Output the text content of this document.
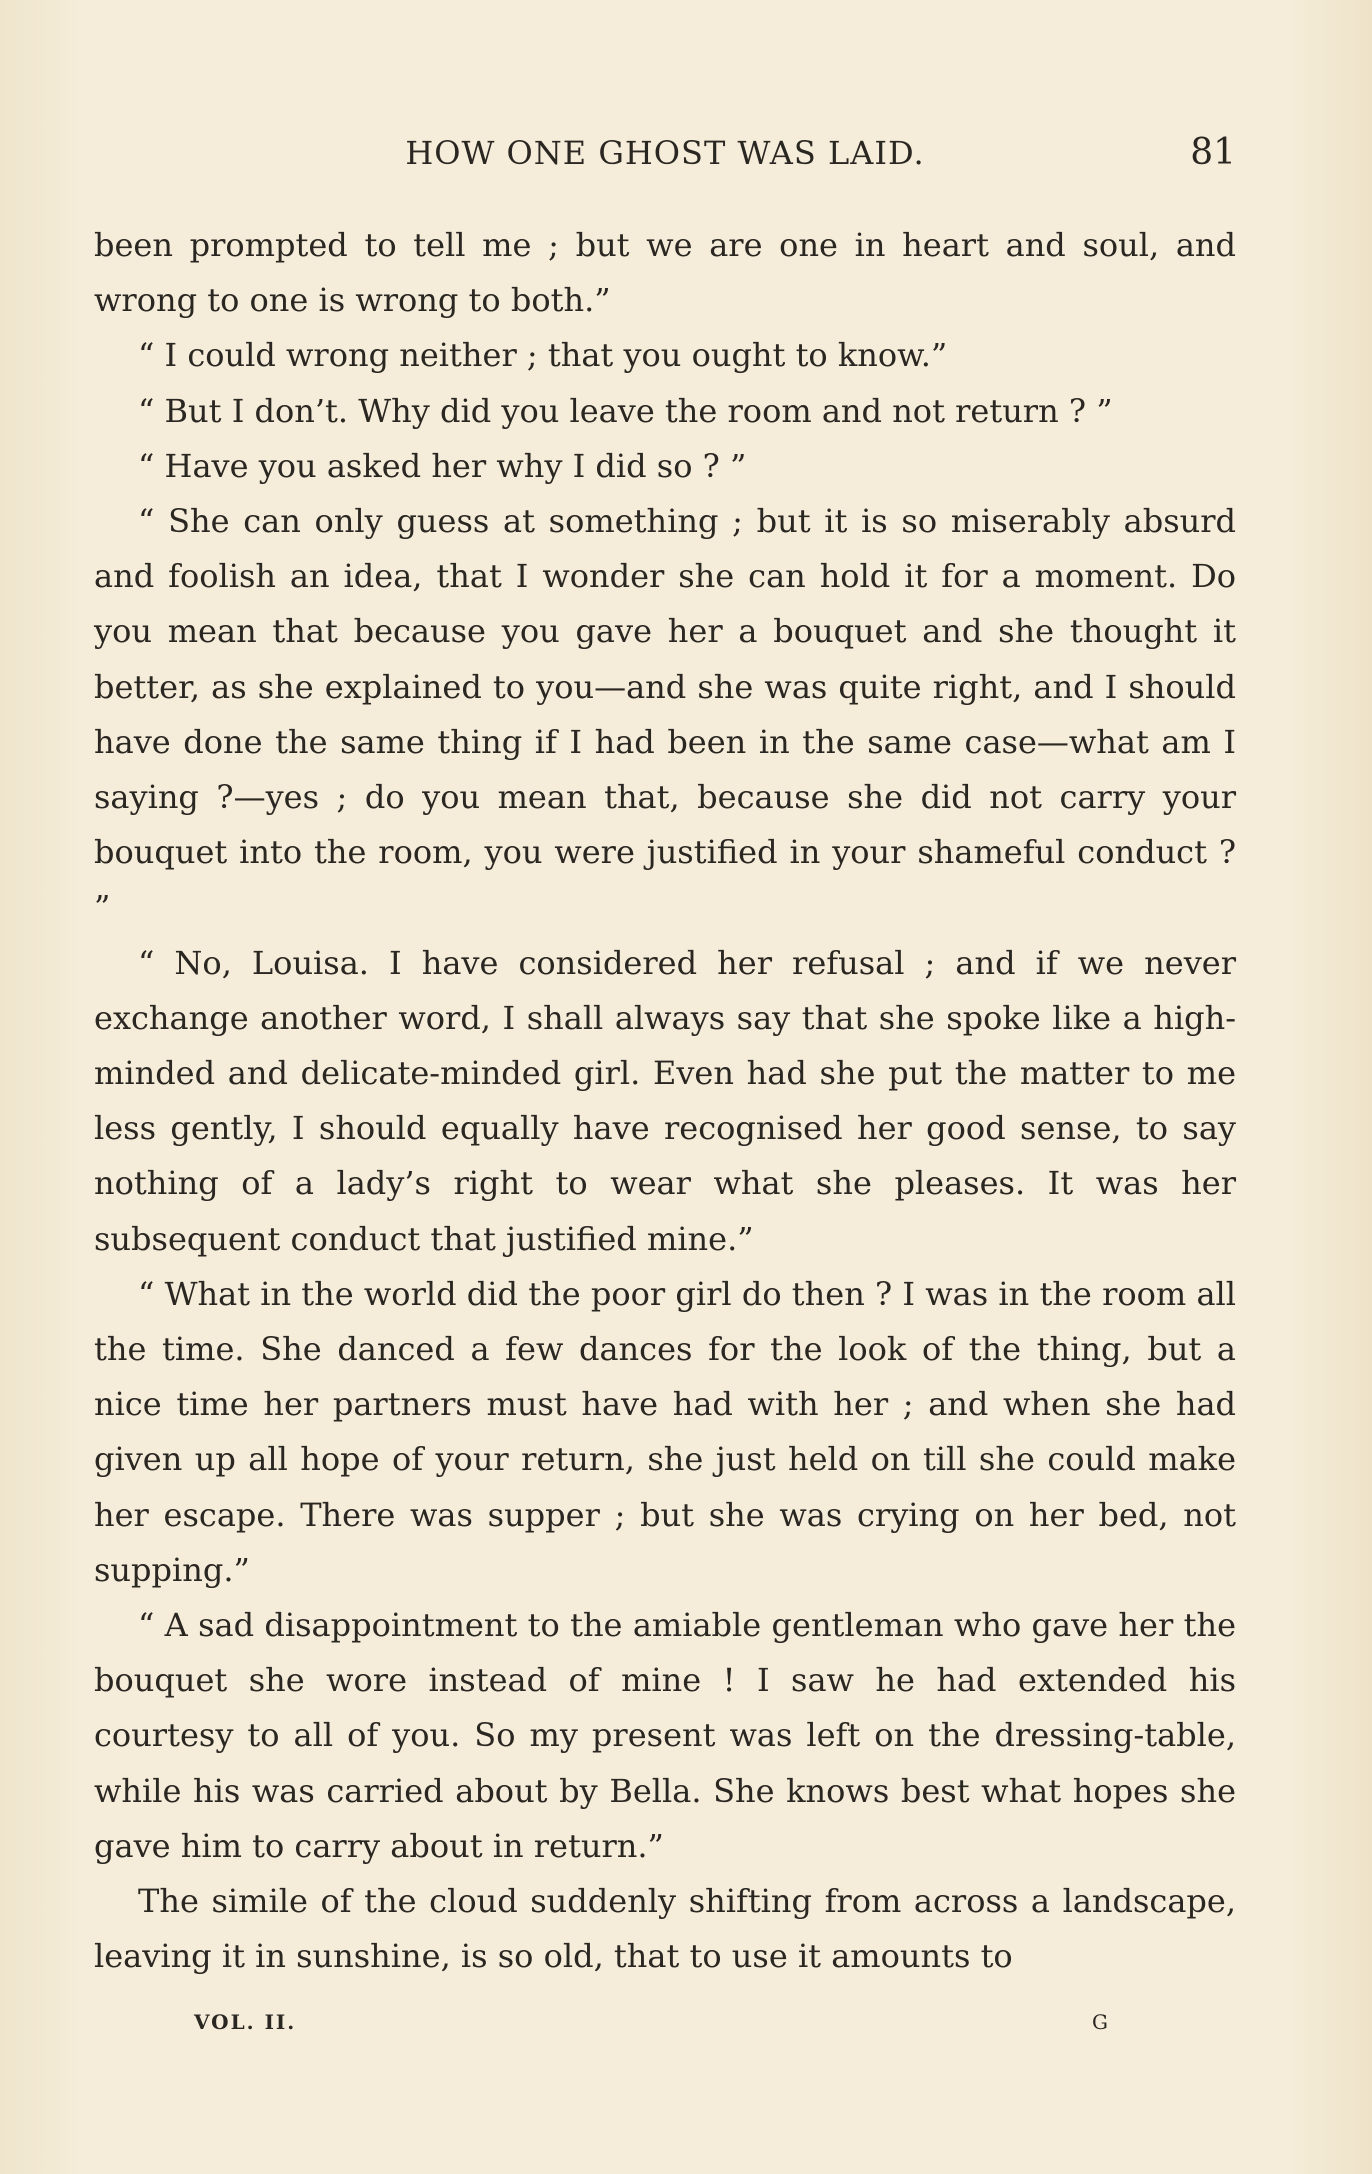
HOW ONE GHOST WAS LAID.	81

been prompted to tell me ; but we are one in heart and soul, and wrong to one is wrong to both.”

“ I could wrong neither ; that you ought to know.”

“ But I don’t. Why did you leave the room and not return ? ”

“ Have you asked her why I did so ? ”

“ She can only guess at something ; but it is so miserably absurd and foolish an idea, that I wonder she can hold it for a moment. Do you mean that because you gave her a bouquet and she thought it better, as she explained to you—and she was quite right, and I should have done the same thing if I had been in the same case—what am I saying ?—yes ; do you mean that, because she did not carry your bouquet into the room, you were justified in your shameful conduct ? ”

“ No, Louisa. I have considered her refusal ; and if we never exchange another word, I shall always say that she spoke like a high-minded and delicate-minded girl. Even had she put the matter to me less gently, I should equally have recognised her good sense, to say nothing of a lady’s right to wear what she pleases. It was her subsequent conduct that justified mine.”

“ What in the world did the poor girl do then ? I was in the room all the time. She danced a few dances for the look of the thing, but a nice time her partners must have had with her ; and when she had given up all hope of your return, she just held on till she could make her escape. There was supper ; but she was crying on her bed, not supping.”

“ A sad disappointment to the amiable gentleman who gave her the bouquet she wore instead of mine ! I saw he had extended his courtesy to all of you. So my present was left on the dressing-table, while his was carried about by Bella. She knows best what hopes she gave him to carry about in return.”

The simile of the cloud suddenly shifting from across a landscape, leaving it in sunshine, is so old, that to use it amounts to

VOL. II.	G
